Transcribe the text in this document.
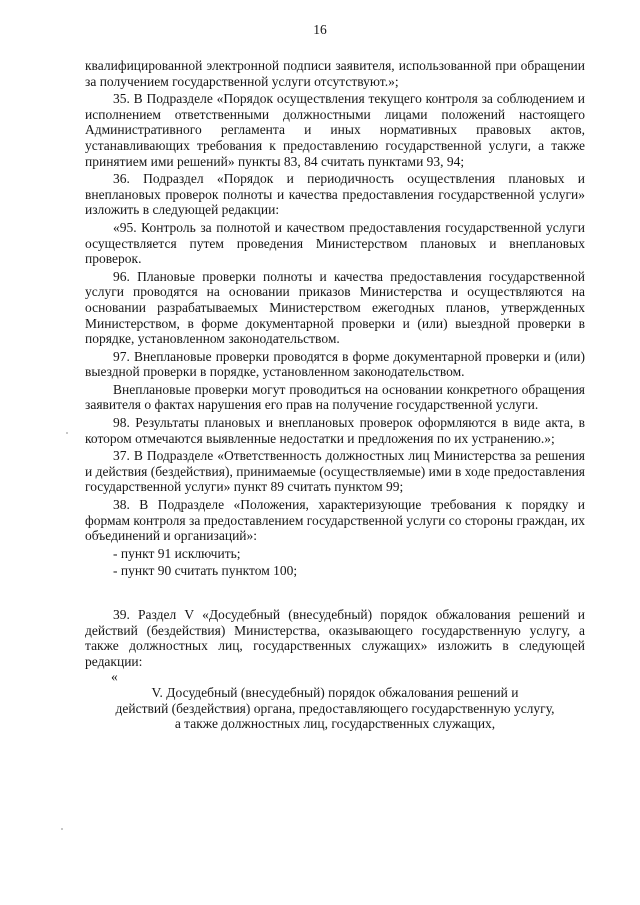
16

квалифицированной электронной подписи заявителя, использованной при обращении за получением государственной услуги отсутствуют.»;

35. В Подразделе «Порядок осуществления текущего контроля за соблюдением и исполнением ответственными должностными лицами положений настоящего Административного регламента и иных нормативных правовых актов, устанавливающих требования к предоставлению государственной услуги, а также принятием ими решений» пункты 83, 84 считать пунктами 93, 94;

36. Подраздел «Порядок и периодичность осуществления плановых и внеплановых проверок полноты и качества предоставления государственной услуги» изложить в следующей редакции:

«95. Контроль за полнотой и качеством предоставления государственной услуги осуществляется путем проведения Министерством плановых и внеплановых проверок.

96. Плановые проверки полноты и качества предоставления государственной услуги проводятся на основании приказов Министерства и осуществляются на основании разрабатываемых Министерством ежегодных планов, утвержденных Министерством, в форме документарной проверки и (или) выездной проверки в порядке, установленном законодательством.

97. Внеплановые проверки проводятся в форме документарной проверки и (или) выездной проверки в порядке, установленном законодательством.

Внеплановые проверки могут проводиться на основании конкретного обращения заявителя о фактах нарушения его прав на получение государственной услуги.

98. Результаты плановых и внеплановых проверок оформляются в виде акта, в котором отмечаются выявленные недостатки и предложения по их устранению.»;

37. В Подразделе «Ответственность должностных лиц Министерства за решения и действия (бездействия), принимаемые (осуществляемые) ими в ходе предоставления государственной услуги» пункт 89 считать пунктом 99;

38. В Подразделе «Положения, характеризующие требования к порядку и формам контроля за предоставлением государственной услуги со стороны граждан, их объединений и организаций»:

- пункт 91 исключить;

- пункт 90 считать пунктом 100;

39. Раздел V «Досудебный (внесудебный) порядок обжалования решений и действий (бездействия) Министерства, оказывающего государственную услугу, а также должностных лиц, государственных служащих» изложить в следующей редакции:

«

V. Досудебный (внесудебный) порядок обжалования решений и

действий (бездействия) органа, предоставляющего государственную услугу,

а также должностных лиц, государственных служащих,
